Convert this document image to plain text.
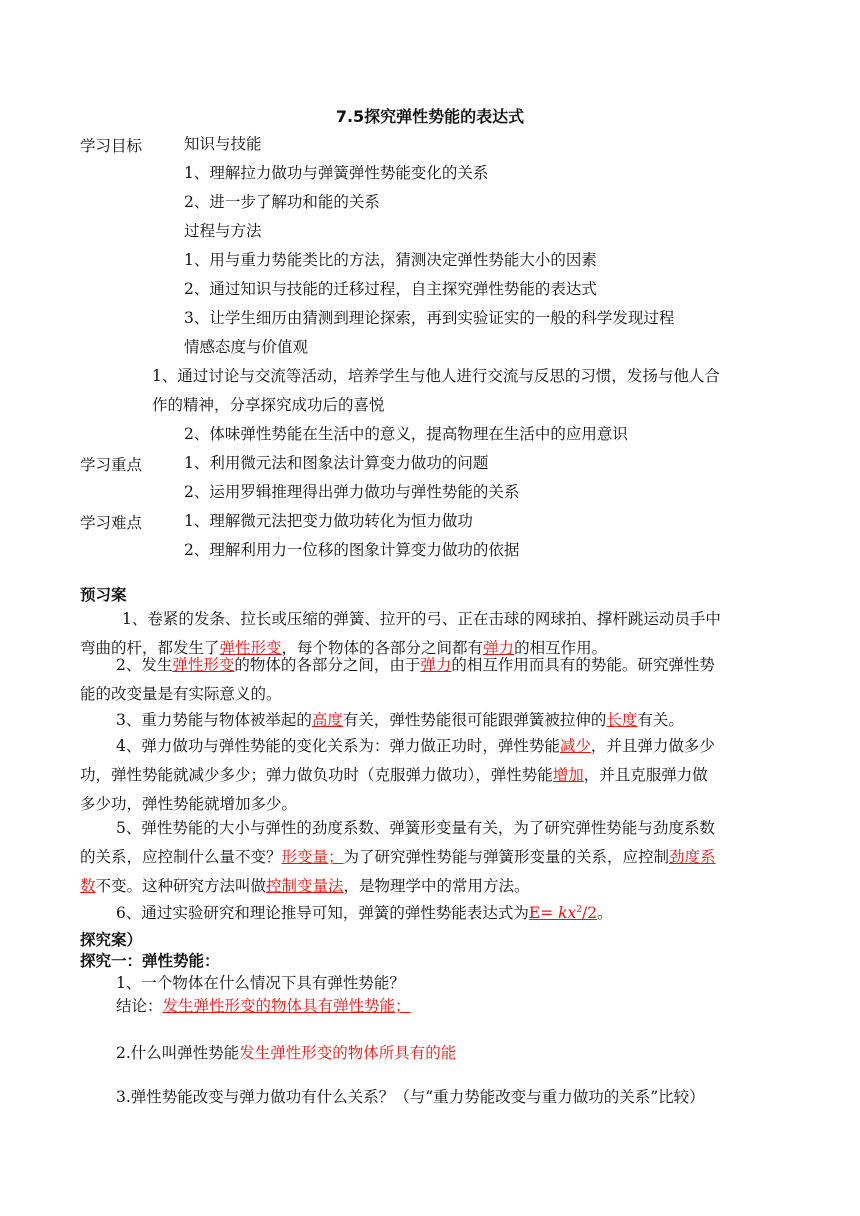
7.5探究弹性势能的表达式
学习目标	知识与技能
1、理解拉力做功与弹簧弹性势能变化的关系
2、进一步了解功和能的关系
过程与方法
1、用与重力势能类比的方法，猜测决定弹性势能大小的因素
2、通过知识与技能的迁移过程，自主探究弹性势能的表达式
3、让学生细历由猜测到理论探索，再到实验证实的一般的科学发现过程
情感态度与价值观
1、通过讨论与交流等活动，培养学生与他人进行交流与反思的习惯，发扬与他人合
作的精神，分享探究成功后的喜悦
2、体味弹性势能在生活中的意义，提高物理在生活中的应用意识
学习重点	1、利用微元法和图象法计算变力做功的问题
2、运用罗辑推理得出弹力做功与弹性势能的关系
学习难点	1、理解微元法把变力做功转化为恒力做功
2、理解利用力一位移的图象计算变力做功的依据
预习案
1、卷紧的发条、拉长或压缩的弹簧、拉开的弓、正在击球的网球拍、撑杆跳运动员手中
弯曲的杆，都发生了弹性形变，每个物体的各部分之间都有弹力的相互作用。
2、发生弹性形变的物体的各部分之间，由于弹力的相互作用而具有的势能。研究弹性势
能的改变量是有实际意义的。
3、重力势能与物体被举起的高度有关，弹性势能很可能跟弹簧被拉伸的长度有关。
4、弹力做功与弹性势能的变化关系为：弹力做正功时，弹性势能减少，并且弹力做多少
功，弹性势能就减少多少；弹力做负功时（克服弹力做功），弹性势能增加，并且克服弹力做
多少功，弹性势能就增加多少。
5、弹性势能的大小与弹性的劲度系数、弹簧形变量有关，为了研究弹性势能与劲度系数
的关系，应控制什么量不变？形变量；为了研究弹性势能与弹簧形变量的关系，应控制劲度系
数不变。这种研究方法叫做控制变量法，是物理学中的常用方法。
6、通过实验研究和理论推导可知，弹簧的弹性势能表达式为$E= kx^2/2$。
探究案）
探究一：弹性势能：
1、一个物体在什么情况下具有弹性势能？
结论：发生弹性形变的物体具有弹性势能；
2.什么叫弹性势能发生弹性形变的物体所具有的能
3.弹性势能改变与弹力做功有什么关系？（与“重力势能改变与重力做功的关系”比较）
